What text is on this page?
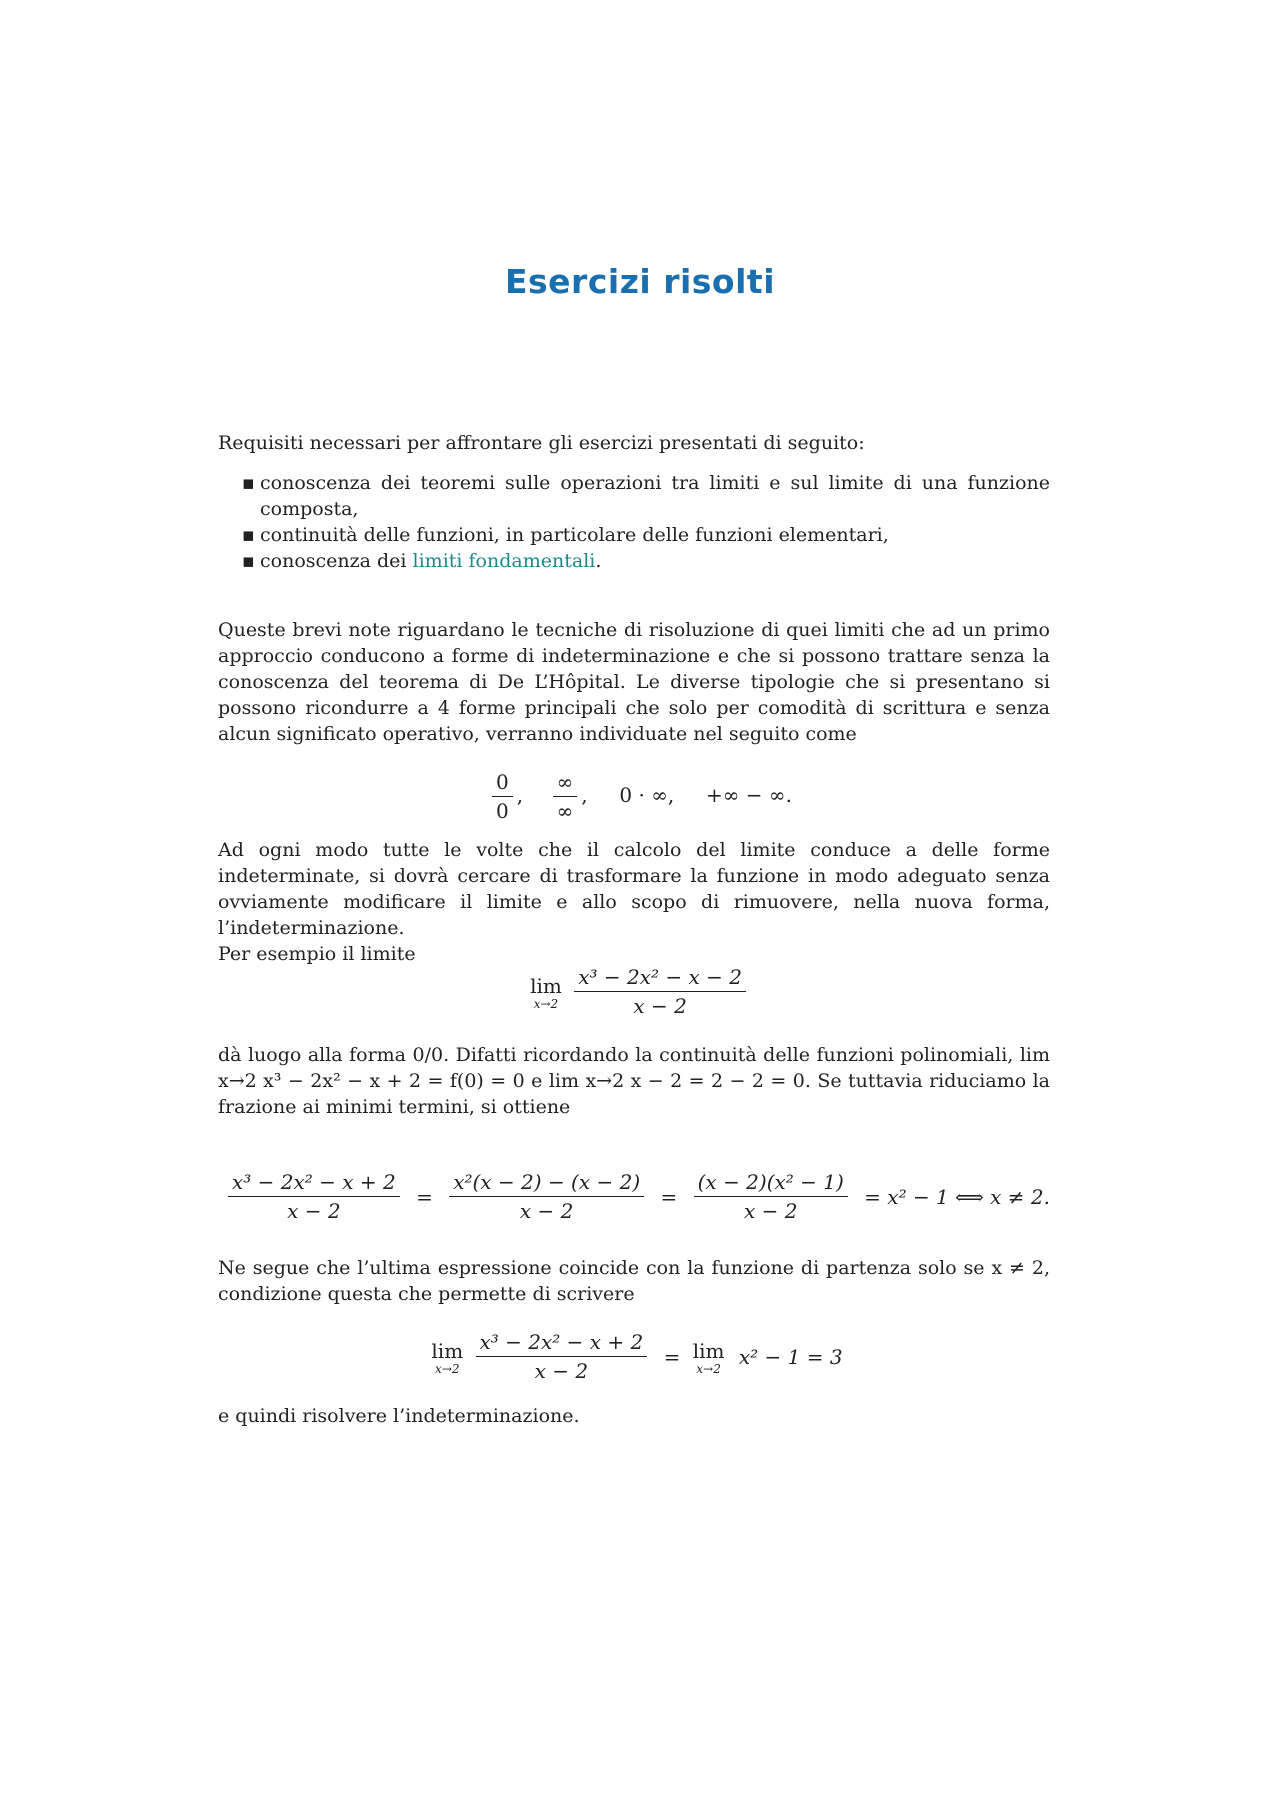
Esercizi risolti
Requisiti necessari per affrontare gli esercizi presentati di seguito:
▪ conoscenza dei teoremi sulle operazioni tra limiti e sul limite di una funzione composta,
▪ continuità delle funzioni, in particolare delle funzioni elementari,
▪ conoscenza dei limiti fondamentali.
Queste brevi note riguardano le tecniche di risoluzione di quei limiti che ad un primo approccio conducono a forme di indeterminazione e che si possono trattare senza la conoscenza del teorema di De L’Hôpital. Le diverse tipologie che si presentano si possono ricondurre a 4 forme principali che solo per comodità di scrittura e senza alcun significato operativo, verranno individuate nel seguito come
$\frac{0}{0}$ , $\frac{\infty}{\infty}$ , 0 · ∞, +∞ − ∞.
Ad ogni modo tutte le volte che il calcolo del limite conduce a delle forme indeterminate, si dovrà cercare di trasformare la funzione in modo adeguato senza ovviamente modificare il limite e allo scopo di rimuovere, nella nuova forma, l’indeterminazione.
Per esempio il limite
lim
x→2
$\frac{\text{x³ − 2x² − x − 2}}{x - 2}$
dà luogo alla forma 0/0. Difatti ricordando la continuità delle funzioni polinomiali, lim x→2 x³ − 2x² − x + 2 = f(0) = 0 e lim x→2 x − 2 = 2 − 2 = 0. Se tuttavia riduciamo la frazione ai minimi termini, si ottiene
$\frac{\text{x³ − 2x² − x + 2}}{x - 2} = \frac{\text{x²(x − 2) − (x − 2)}}{x - 2} = \frac{\text{(x − 2)(x² − 1)}}{x - 2} = x^2 - 1$ ⟺ x ≠ 2.
Ne segue che l’ultima espressione coincide con la funzione di partenza solo se x ≠ 2, condizione questa che permette di scrivere
lim
x→2
$\frac{\text{x³ − 2x² − x + 2}}{x - 2} = \lim$
x→2 x² − 1 = 3
e quindi risolvere l’indeterminazione.
